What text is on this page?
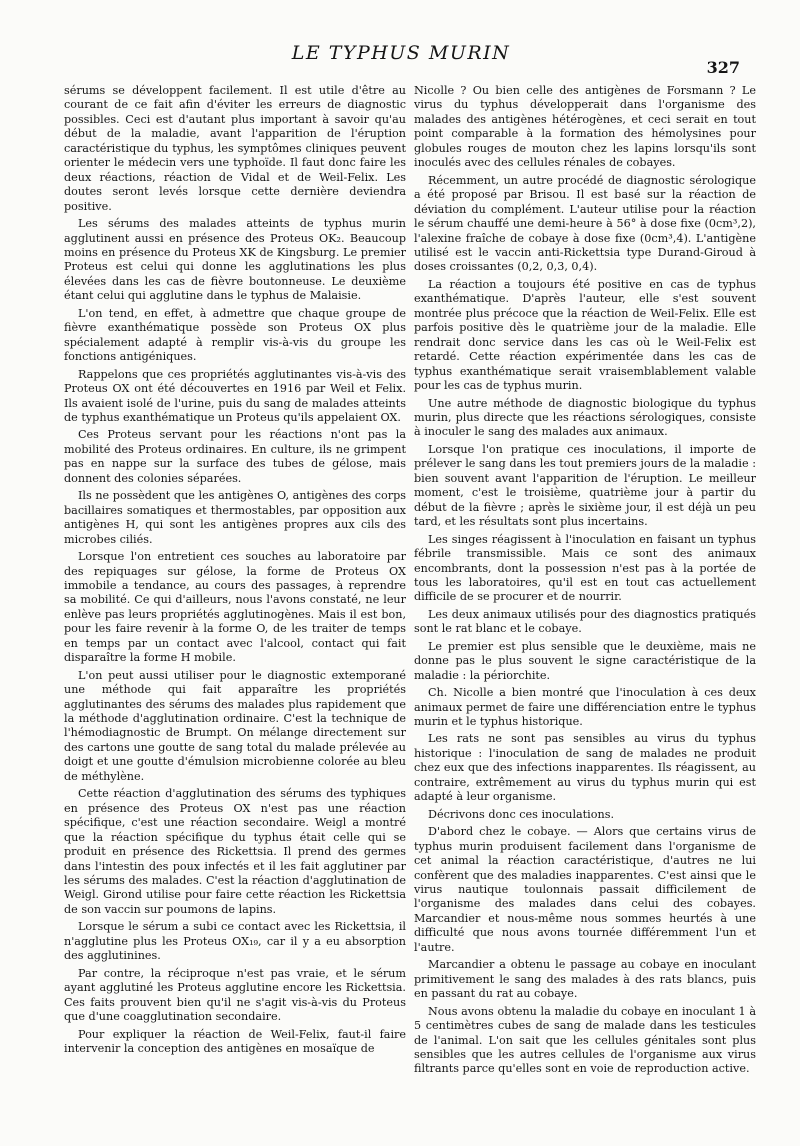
LE TYPHUS MURIN
327

sérums se développent facilement. Il est utile d'être au courant de ce fait afin d'éviter les erreurs de diagnostic possibles. Ceci est d'autant plus important à savoir qu'au début de la maladie, avant l'apparition de l'éruption caractéristique du typhus, les symptômes cliniques peuvent orienter le médecin vers une typhoïde. Il faut donc faire les deux réactions, réaction de Vidal et de Weil-Felix. Les doutes seront levés lorsque cette dernière deviendra positive.

Les sérums des malades atteints de typhus murin agglutinent aussi en présence des Proteus OK₂. Beaucoup moins en présence du Proteus XK de Kingsburg. Le premier Proteus est celui qui donne les agglutinations les plus élevées dans les cas de fièvre boutonneuse. Le deuxième étant celui qui agglutine dans le typhus de Malaisie.

L'on tend, en effet, à admettre que chaque groupe de fièvre exanthématique possède son Proteus OX plus spécialement adapté à remplir vis-à-vis du groupe les fonctions antigéniques.

Rappelons que ces propriétés agglutinantes vis-à-vis des Proteus OX ont été découvertes en 1916 par Weil et Felix. Ils avaient isolé de l'urine, puis du sang de malades atteints de typhus exanthématique un Proteus qu'ils appelaient OX.

Ces Proteus servant pour les réactions n'ont pas la mobilité des Proteus ordinaires. En culture, ils ne grimpent pas en nappe sur la surface des tubes de gélose, mais donnent des colonies séparées.

Ils ne possèdent que les antigènes O, antigènes des corps bacillaires somatiques et thermostables, par opposition aux antigènes H, qui sont les antigènes propres aux cils des microbes ciliés.

Lorsque l'on entretient ces souches au laboratoire par des repiquages sur gélose, la forme de Proteus OX immobile a tendance, au cours des passages, à reprendre sa mobilité. Ce qui d'ailleurs, nous l'avons constaté, ne leur enlève pas leurs propriétés agglutinogènes. Mais il est bon, pour les faire revenir à la forme O, de les traiter de temps en temps par un contact avec l'alcool, contact qui fait disparaître la forme H mobile.

L'on peut aussi utiliser pour le diagnostic extemporané une méthode qui fait apparaître les propriétés agglutinantes des sérums des malades plus rapidement que la méthode d'agglutination ordinaire. C'est la technique de l'hémodiagnostic de Brumpt. On mélange directement sur des cartons une goutte de sang total du malade prélevée au doigt et une goutte d'émulsion microbienne colorée au bleu de méthylène.

Cette réaction d'agglutination des sérums des typhiques en présence des Proteus OX n'est pas une réaction spécifique, c'est une réaction secondaire. Weigl a montré que la réaction spécifique du typhus était celle qui se produit en présence des Rickettsia. Il prend des germes dans l'intestin des poux infectés et il les fait agglutiner par les sérums des malades. C'est la réaction d'agglutination de Weigl. Girond utilise pour faire cette réaction les Rickettsia de son vaccin sur poumons de lapins.

Lorsque le sérum a subi ce contact avec les Rickettsia, il n'agglutine plus les Proteus OX₁₉, car il y a eu absorption des agglutinines.

Par contre, la réciproque n'est pas vraie, et le sérum ayant agglutiné les Proteus agglutine encore les Rickettsia. Ces faits prouvent bien qu'il ne s'agit vis-à-vis du Proteus que d'une coagglutination secondaire.

Pour expliquer la réaction de Weil-Felix, faut-il faire intervenir la conception des antigènes en mosaïque de

Nicolle ? Ou bien celle des antigènes de Forsmann ? Le virus du typhus développerait dans l'organisme des malades des antigènes hétérogènes, et ceci serait en tout point comparable à la formation des hémolysines pour globules rouges de mouton chez les lapins lorsqu'ils sont inoculés avec des cellules rénales de cobayes.

Récemment, un autre procédé de diagnostic sérologique a été proposé par Brisou. Il est basé sur la réaction de déviation du complément. L'auteur utilise pour la réaction le sérum chauffé une demi-heure à 56° à dose fixe (0cm³,2), l'alexine fraîche de cobaye à dose fixe (0cm³,4). L'antigène utilisé est le vaccin anti-Rickettsia type Durand-Giroud à doses croissantes (0,2, 0,3, 0,4).

La réaction a toujours été positive en cas de typhus exanthématique. D'après l'auteur, elle s'est souvent montrée plus précoce que la réaction de Weil-Felix. Elle est parfois positive dès le quatrième jour de la maladie. Elle rendrait donc service dans les cas où le Weil-Felix est retardé. Cette réaction expérimentée dans les cas de typhus exanthématique serait vraisemblablement valable pour les cas de typhus murin.

Une autre méthode de diagnostic biologique du typhus murin, plus directe que les réactions sérologiques, consiste à inoculer le sang des malades aux animaux.

Lorsque l'on pratique ces inoculations, il importe de prélever le sang dans les tout premiers jours de la maladie : bien souvent avant l'apparition de l'éruption. Le meilleur moment, c'est le troisième, quatrième jour à partir du début de la fièvre ; après le sixième jour, il est déjà un peu tard, et les résultats sont plus incertains.

Les singes réagissent à l'inoculation en faisant un typhus fébrile transmissible. Mais ce sont des animaux encombrants, dont la possession n'est pas à la portée de tous les laboratoires, qu'il est en tout cas actuellement difficile de se procurer et de nourrir.

Les deux animaux utilisés pour des diagnostics pratiqués sont le rat blanc et le cobaye.

Le premier est plus sensible que le deuxième, mais ne donne pas le plus souvent le signe caractéristique de la maladie : la périorchite.

Ch. Nicolle a bien montré que l'inoculation à ces deux animaux permet de faire une différenciation entre le typhus murin et le typhus historique.

Les rats ne sont pas sensibles au virus du typhus historique : l'inoculation de sang de malades ne produit chez eux que des infections inapparentes. Ils réagissent, au contraire, extrêmement au virus du typhus murin qui est adapté à leur organisme.

Décrivons donc ces inoculations.

D'abord chez le cobaye. — Alors que certains virus de typhus murin produisent facilement dans l'organisme de cet animal la réaction caractéristique, d'autres ne lui confèrent que des maladies inapparentes. C'est ainsi que le virus nautique toulonnais passait difficilement de l'organisme des malades dans celui des cobayes. Marcandier et nous-même nous sommes heurtés à une difficulté que nous avons tournée différemment l'un et l'autre.

Marcandier a obtenu le passage au cobaye en inoculant primitivement le sang des malades à des rats blancs, puis en passant du rat au cobaye.

Nous avons obtenu la maladie du cobaye en inoculant 1 à 5 centimètres cubes de sang de malade dans les testicules de l'animal. L'on sait que les cellules génitales sont plus sensibles que les autres cellules de l'organisme aux virus filtrants parce qu'elles sont en voie de reproduction active.
